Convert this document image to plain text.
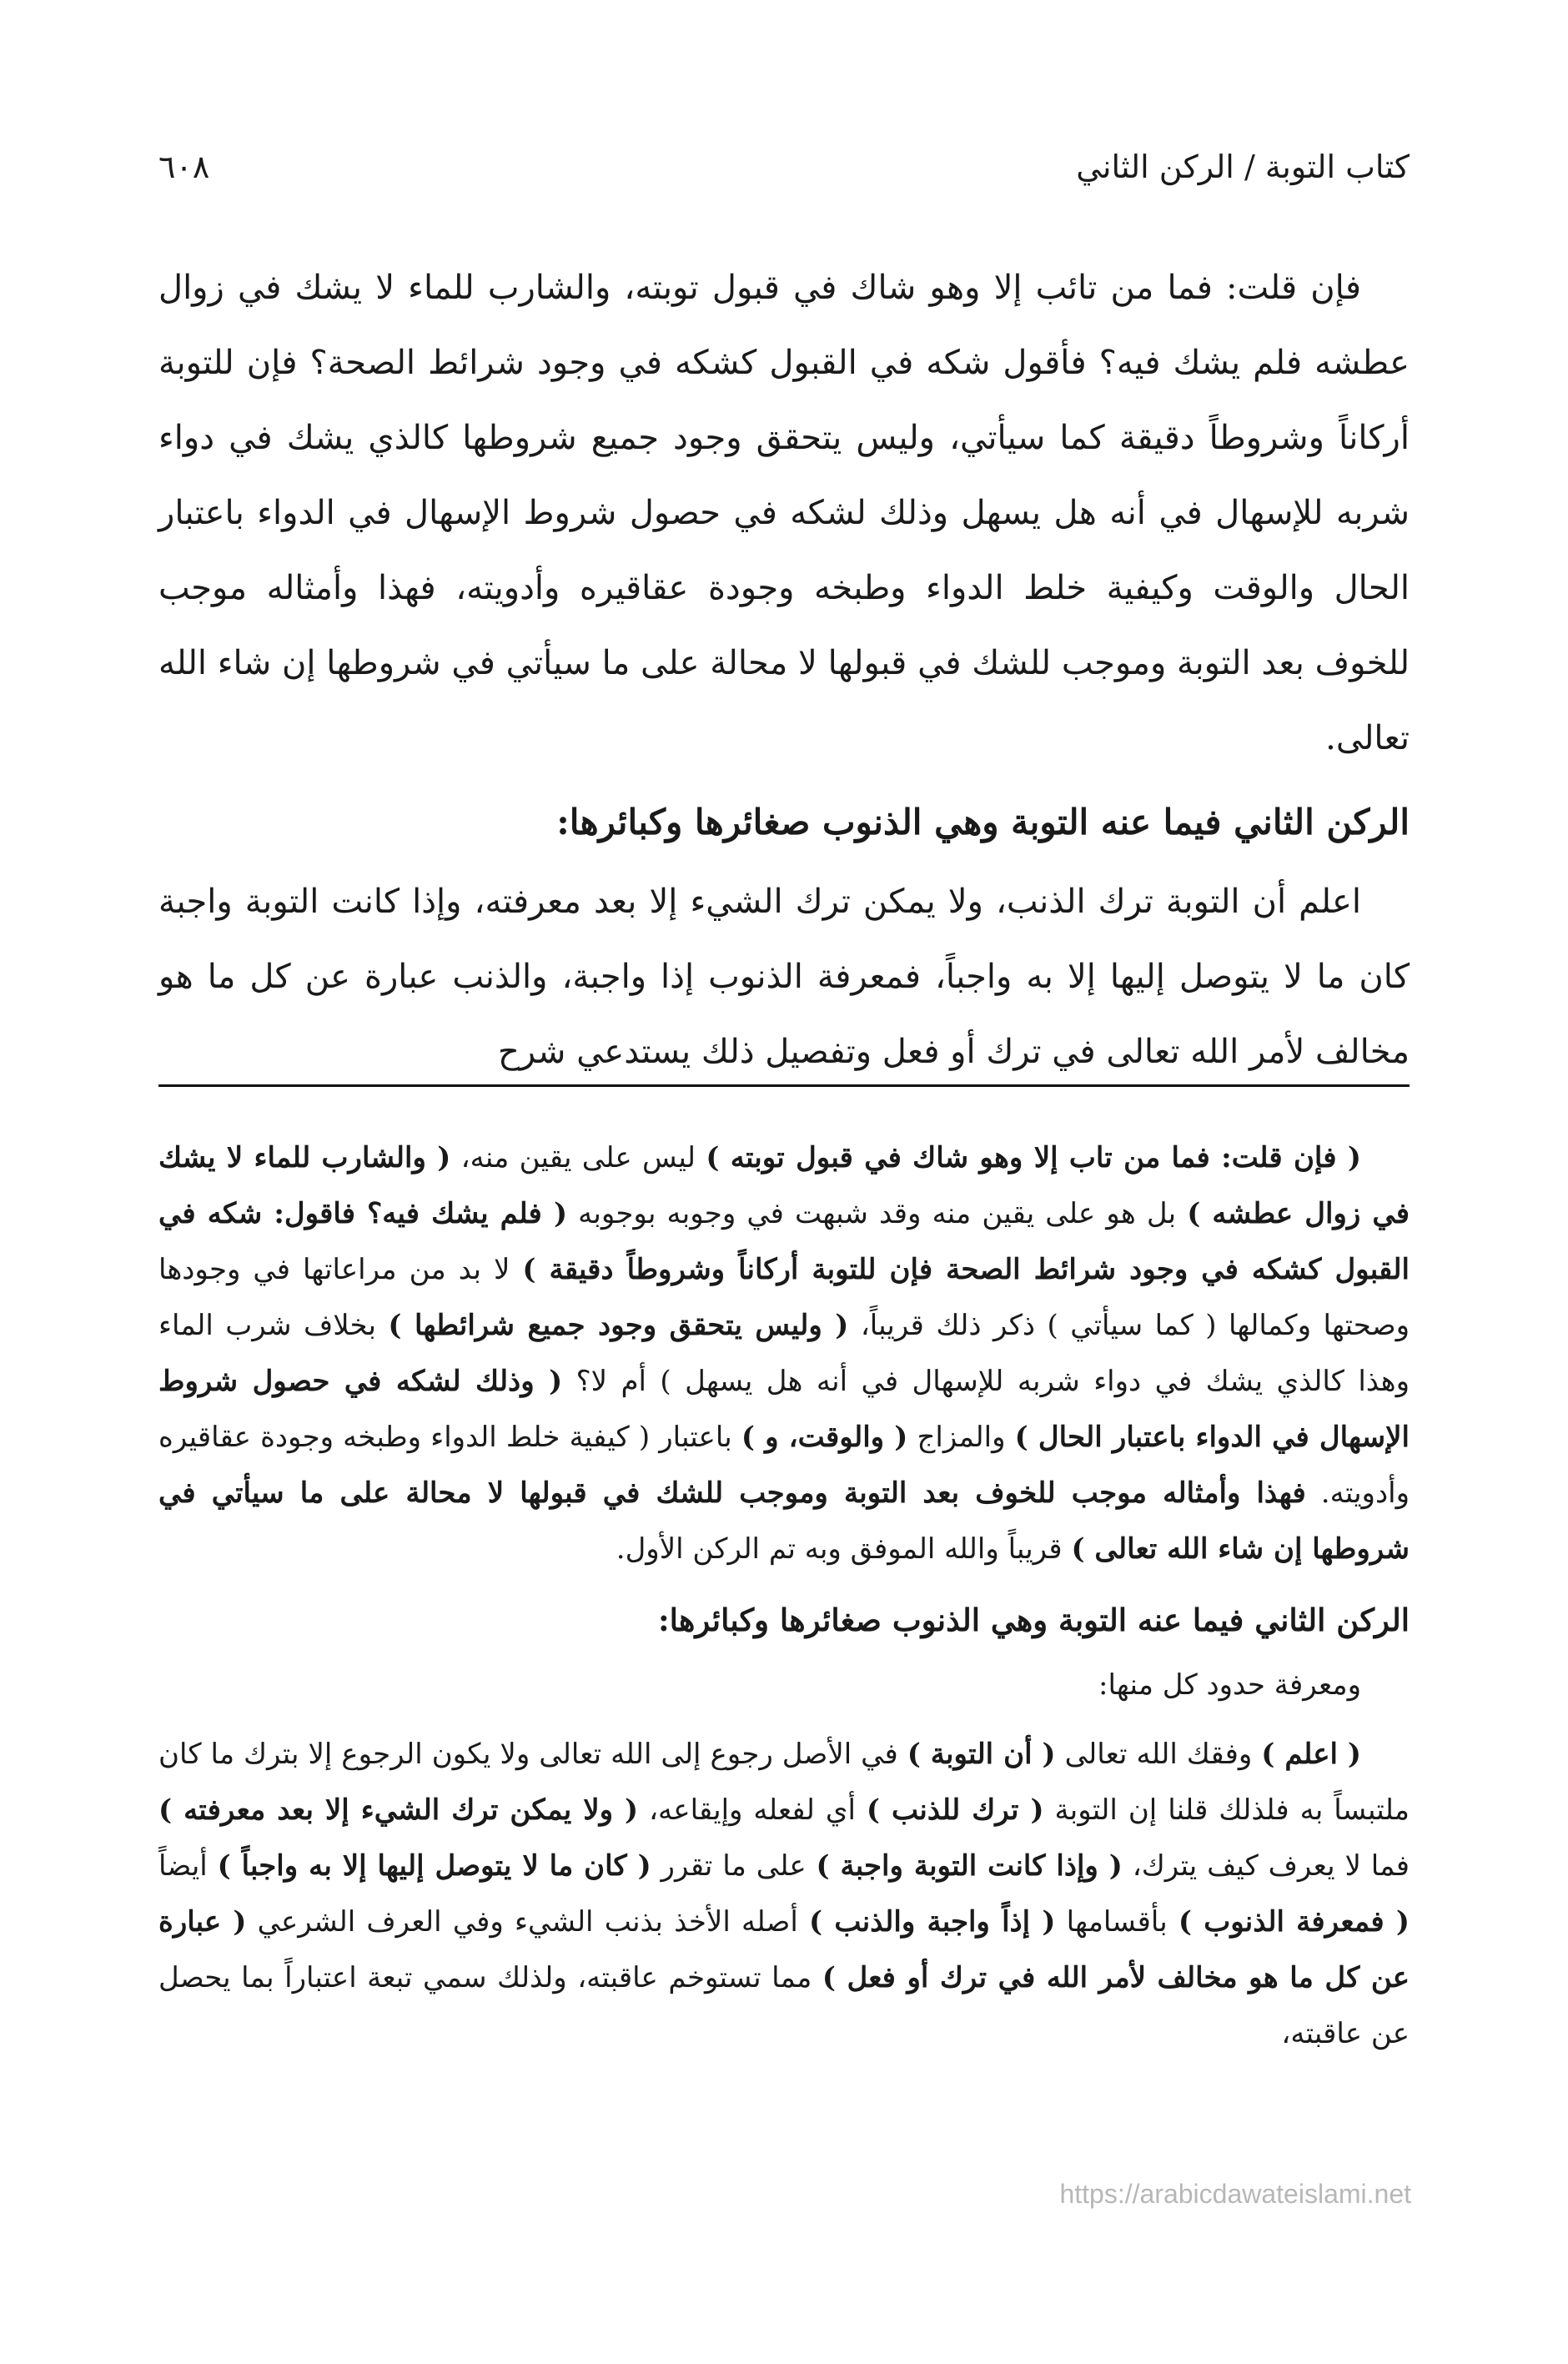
كتاب التوبة / الركن الثاني
٦٠٨

فإن قلت: فما من تائب إلا وهو شاك في قبول توبته، والشارب للماء لا يشك في زوال عطشه فلم يشك فيه؟ فأقول شكه في القبول كشكه في وجود شرائط الصحة؟ فإن للتوبة أركاناً وشروطاً دقيقة كما سيأتي، وليس يتحقق وجود جميع شروطها كالذي يشك في دواء شربه للإسهال في أنه هل يسهل وذلك لشكه في حصول شروط الإسهال في الدواء باعتبار الحال والوقت وكيفية خلط الدواء وطبخه وجودة عقاقيره وأدويته، فهذا وأمثاله موجب للخوف بعد التوبة وموجب للشك في قبولها لا محالة على ما سيأتي في شروطها إن شاء الله تعالى.

الركن الثاني فيما عنه التوبة وهي الذنوب صغائرها وكبائرها:

اعلم أن التوبة ترك الذنب، ولا يمكن ترك الشيء إلا بعد معرفته، وإذا كانت التوبة واجبة كان ما لا يتوصل إليها إلا به واجباً، فمعرفة الذنوب إذا واجبة، والذنب عبارة عن كل ما هو مخالف لأمر الله تعالى في ترك أو فعل وتفصيل ذلك يستدعي شرح

( فإن قلت: فما من تاب إلا وهو شاك في قبول توبته ) ليس على يقين منه، ( والشارب للماء لا يشك في زوال عطشه ) بل هو على يقين منه وقد شبهت في وجوبه بوجوبه ( فلم يشك فيه؟ فاقول: شكه في القبول كشكه في وجود شرائط الصحة فإن للتوبة أركاناً وشروطاً دقيقة ) لا بد من مراعاتها في وجودها وصحتها وكمالها ( كما سيأتي ) ذكر ذلك قريباً، ( وليس يتحقق وجود جميع شرائطها ) بخلاف شرب الماء وهذا كالذي يشك في دواء شربه للإسهال في أنه هل يسهل ) أم لا؟ ( وذلك لشكه في حصول شروط الإسهال في الدواء باعتبار الحال ) والمزاج ( والوقت، و ) باعتبار ( كيفية خلط الدواء وطبخه وجودة عقاقيره وأدويته. فهذا وأمثاله موجب للخوف بعد التوبة وموجب للشك في قبولها لا محالة على ما سيأتي في شروطها إن شاء الله تعالى ) قريباً والله الموفق وبه تم الركن الأول.

الركن الثاني فيما عنه التوبة وهي الذنوب صغائرها وكبائرها:

ومعرفة حدود كل منها:

( اعلم ) وفقك الله تعالى ( أن التوبة ) في الأصل رجوع إلى الله تعالى ولا يكون الرجوع إلا بترك ما كان ملتبساً به فلذلك قلنا إن التوبة ( ترك للذنب ) أي لفعله وإيقاعه، ( ولا يمكن ترك الشيء إلا بعد معرفته ) فما لا يعرف كيف يترك، ( وإذا كانت التوبة واجبة ) على ما تقرر ( كان ما لا يتوصل إليها إلا به واجباً ) أيضاً ( فمعرفة الذنوب ) بأقسامها ( إذاً واجبة والذنب ) أصله الأخذ بذنب الشيء وفي العرف الشرعي ( عبارة عن كل ما هو مخالف لأمر الله في ترك أو فعل ) مما تستوخم عاقبته، ولذلك سمي تبعة اعتباراً بما يحصل عن عاقبته،

https://arabicdawateislami.net
